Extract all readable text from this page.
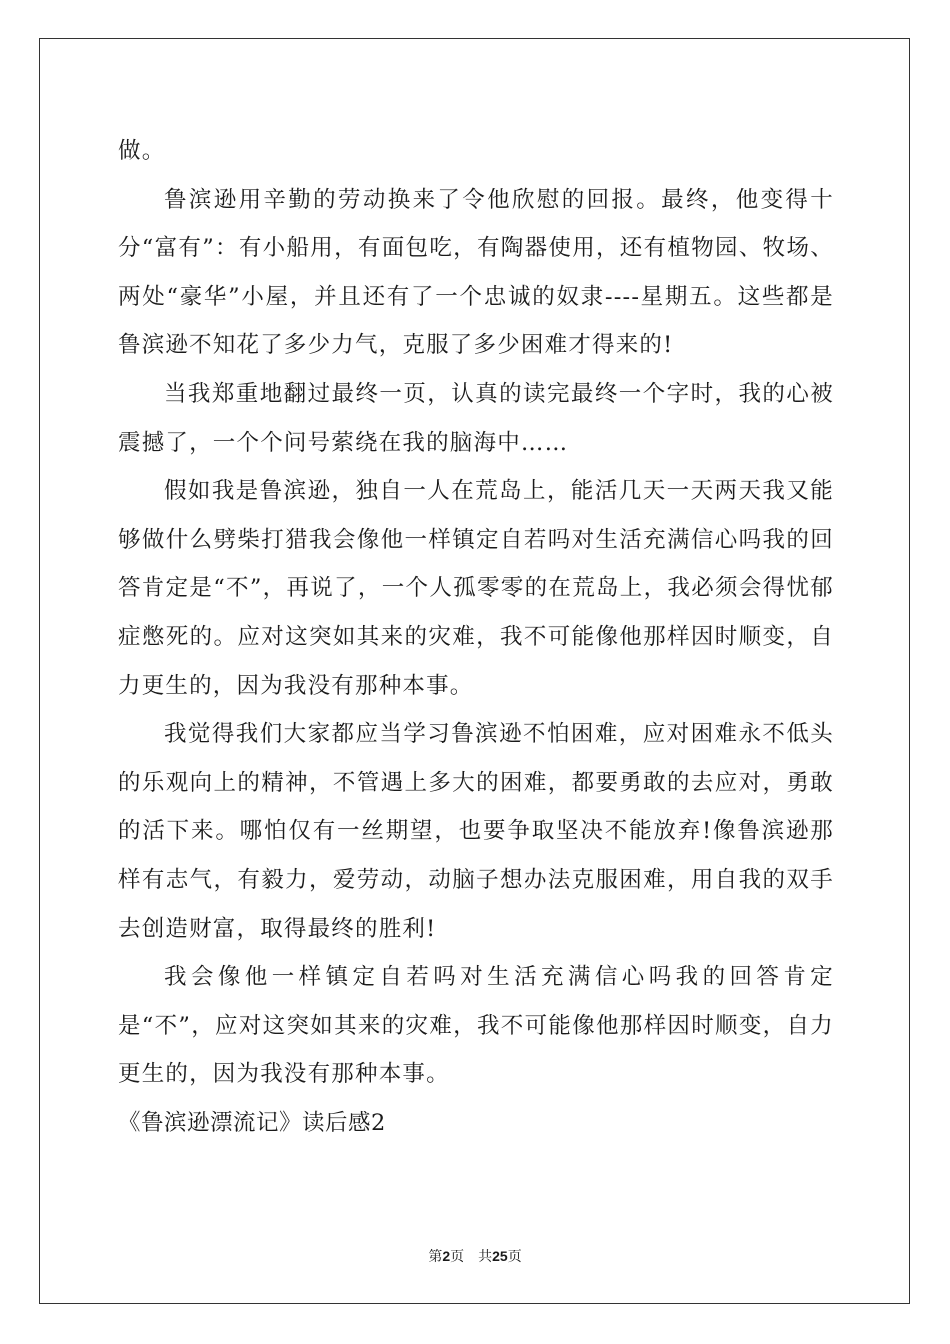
做。

鲁滨逊用辛勤的劳动换来了令他欣慰的回报。最终，他变得十分“富有”：有小船用，有面包吃，有陶器使用，还有植物园、牧场、两处“豪华”小屋，并且还有了一个忠诚的奴隶----星期五。这些都是鲁滨逊不知花了多少力气，克服了多少困难才得来的!

当我郑重地翻过最终一页，认真的读完最终一个字时，我的心被震撼了，一个个问号萦绕在我的脑海中……

假如我是鲁滨逊，独自一人在荒岛上，能活几天一天两天我又能够做什么劈柴打猎我会像他一样镇定自若吗对生活充满信心吗我的回答肯定是“不”，再说了，一个人孤零零的在荒岛上，我必须会得忧郁症憋死的。应对这突如其来的灾难，我不可能像他那样因时顺变，自力更生的，因为我没有那种本事。

我觉得我们大家都应当学习鲁滨逊不怕困难，应对困难永不低头的乐观向上的精神，不管遇上多大的困难，都要勇敢的去应对，勇敢的活下来。哪怕仅有一丝期望，也要争取坚决不能放弃!像鲁滨逊那样有志气，有毅力，爱劳动，动脑子想办法克服困难，用自我的双手去创造财富，取得最终的胜利!

我会像他一样镇定自若吗对生活充满信心吗我的回答肯定是“不”，应对这突如其来的灾难，我不可能像他那样因时顺变，自力更生的，因为我没有那种本事。

《鲁滨逊漂流记》读后感2

第2页 共25页
